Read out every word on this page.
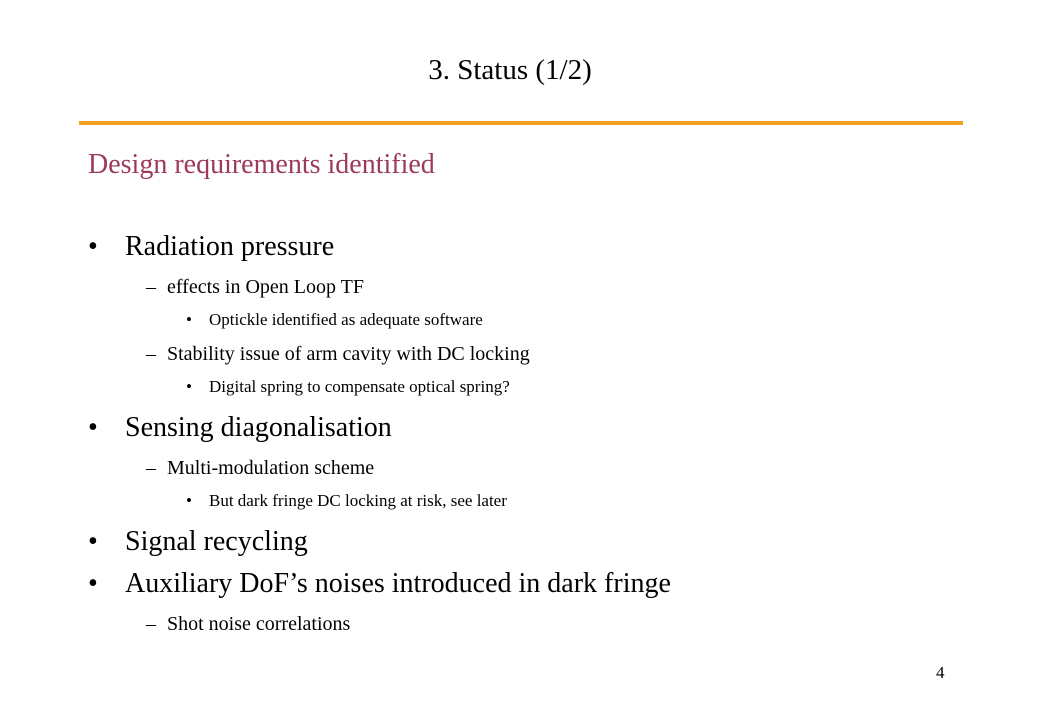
3. Status (1/2)
Design requirements identified
• Radiation pressure
– effects in Open Loop TF
• Optickle identified as adequate software
– Stability issue of arm cavity with DC locking
• Digital spring to compensate optical spring?
• Sensing diagonalisation
– Multi-modulation scheme
• But dark fringe DC locking at risk, see later
• Signal recycling
• Auxiliary DoF’s noises introduced in dark fringe
– Shot noise correlations
4
